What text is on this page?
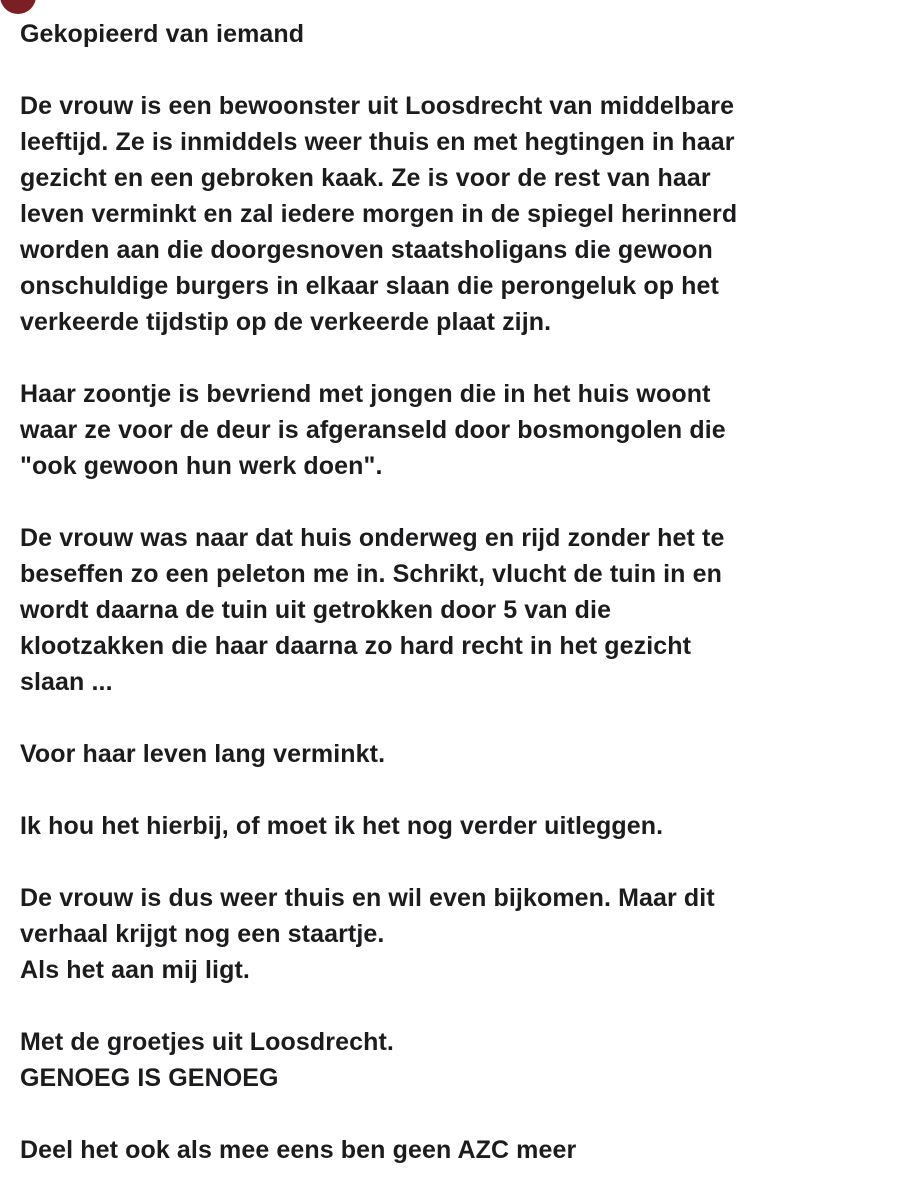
Gekopieerd van iemand

De vrouw is een bewoonster uit Loosdrecht van middelbare
leeftijd. Ze is inmiddels weer thuis en met hegtingen in haar
gezicht en een gebroken kaak. Ze is voor de rest van haar
leven verminkt en zal iedere morgen in de spiegel herinnerd
worden aan die doorgesnoven staatsholigans die gewoon
onschuldige burgers in elkaar slaan die perongeluk op het
verkeerde tijdstip op de verkeerde plaat zijn.

Haar zoontje is bevriend met jongen die in het huis woont
waar ze voor de deur is afgeranseld door bosmongolen die
"ook gewoon hun werk doen".

De vrouw was naar dat huis onderweg en rijd zonder het te
beseffen zo een peleton me in. Schrikt, vlucht de tuin in en
wordt daarna de tuin uit getrokken door 5 van die
klootzakken die haar daarna zo hard recht in het gezicht
slaan ...

Voor haar leven lang verminkt.

Ik hou het hierbij, of moet ik het nog verder uitleggen.

De vrouw is dus weer thuis en wil even bijkomen. Maar dit
verhaal krijgt nog een staartje.
Als het aan mij ligt.

Met de groetjes uit Loosdrecht.
GENOEG IS GENOEG

Deel het ook als mee eens ben geen AZC meer
